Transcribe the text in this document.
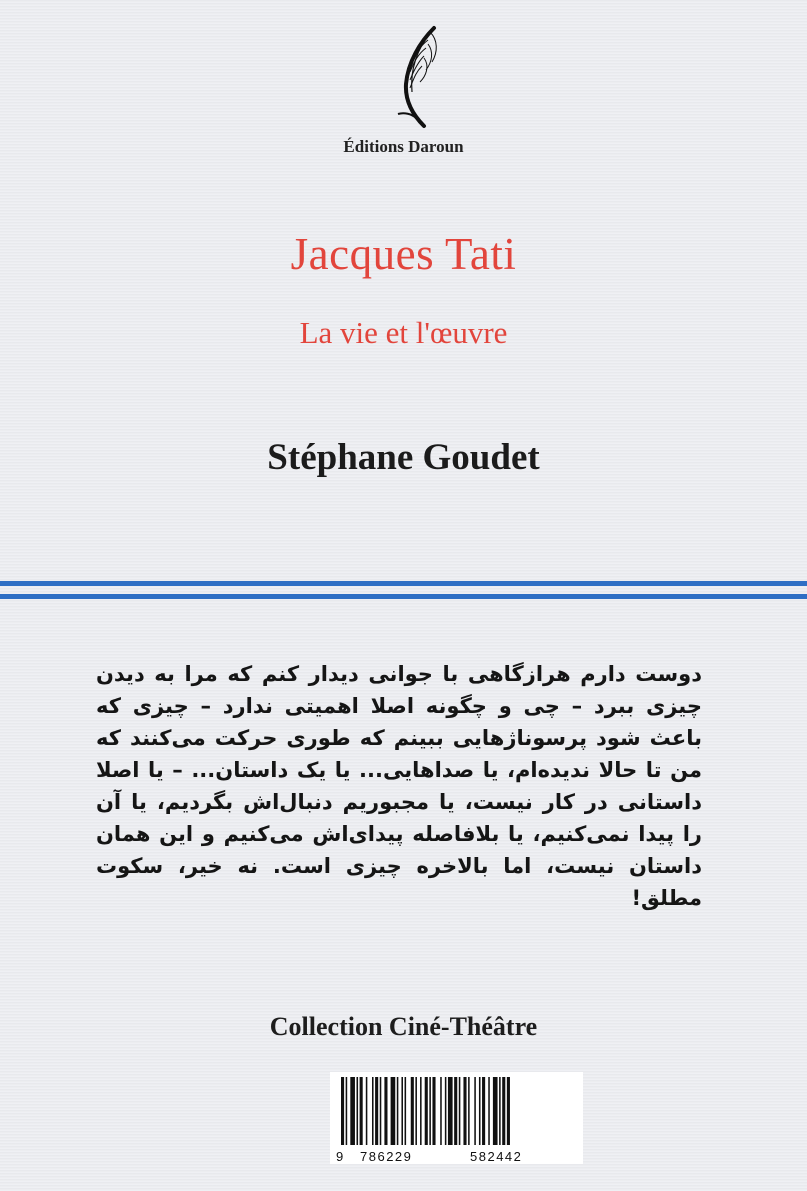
Éditions Daroun
Jacques Tati
La vie et l'œuvre
Stéphane Goudet
دوست دارم هرازگاهی با جوانی دیدار کنم که مرا به دیدن چیزی ببرد – چی و چگونه اصلا اهمیتی ندارد – چیزی که باعث شود پرسوناژهایی ببینم که طوری حرکت می‌کنند که من تا حالا ندیده‌ام، یا صداهایی... یا یک داستان... – یا اصلا داستانی در کار نیست، یا مجبوریم دنبال‌اش بگردیم، یا آن را پیدا نمی‌کنیم، یا بلافاصله پیدای‌اش می‌کنیم و این همان داستان نیست، اما بالاخره چیزی است. نه خیر، سکوت مطلق!
Collection Ciné-Théâtre
9 786229	582442
